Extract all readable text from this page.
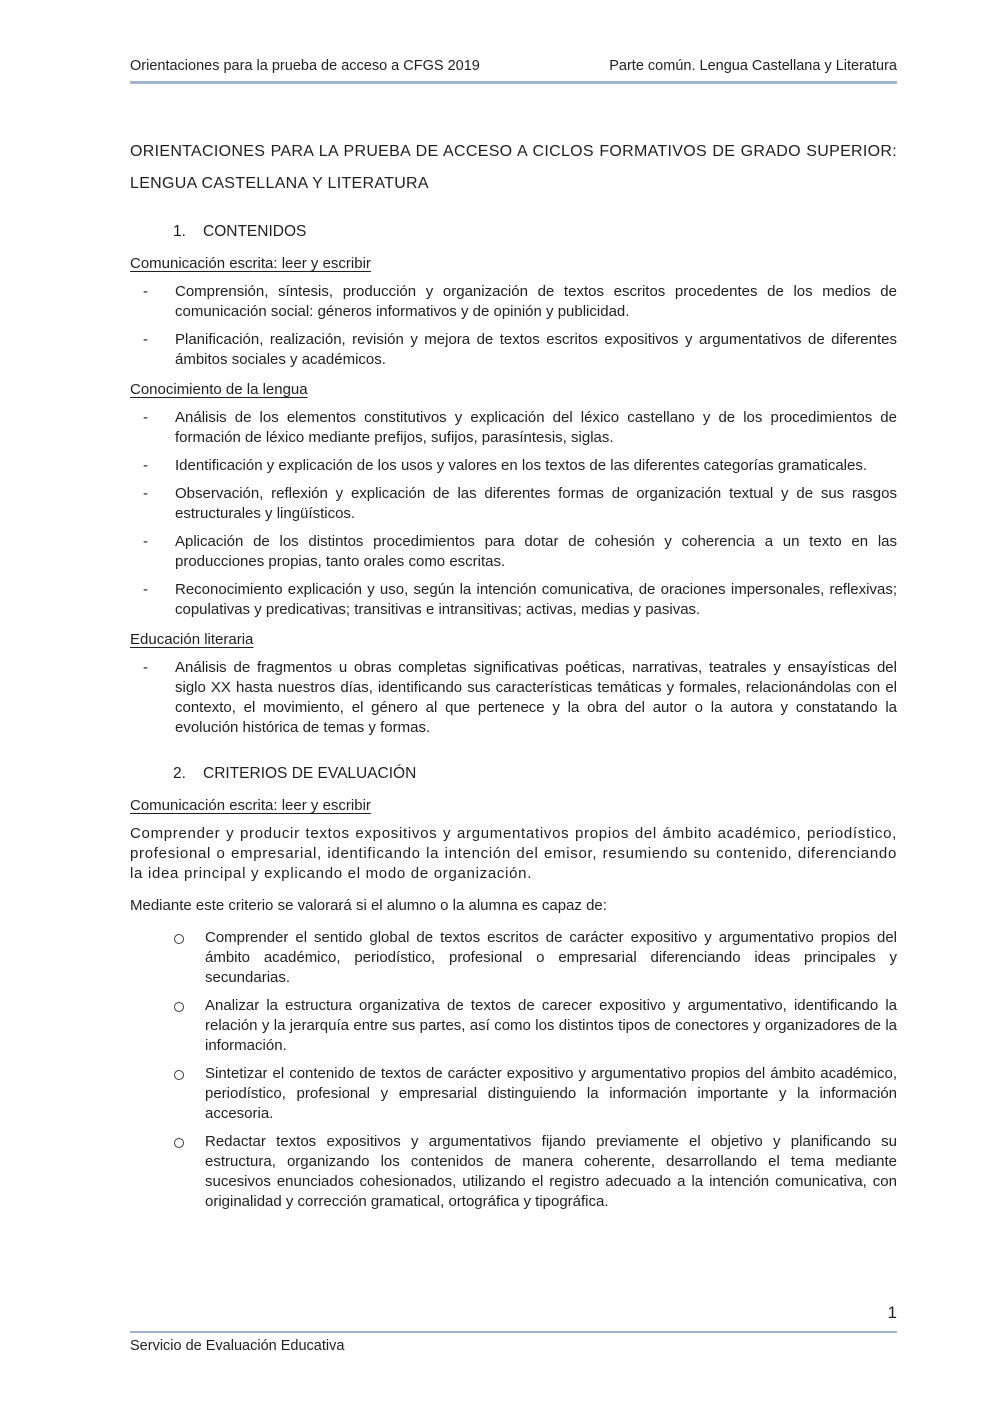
Orientaciones para la prueba de acceso a CFGS 2019	Parte común. Lengua Castellana y Literatura

ORIENTACIONES PARA LA PRUEBA DE ACCESO A CICLOS FORMATIVOS DE GRADO SUPERIOR: LENGUA CASTELLANA Y LITERATURA

1.	CONTENIDOS

Comunicación escrita: leer y escribir

- Comprensión, síntesis, producción y organización de textos escritos procedentes de los medios de comunicación social: géneros informativos y de opinión y publicidad.
- Planificación, realización, revisión y mejora de textos escritos expositivos y argumentativos de diferentes ámbitos sociales y académicos.

Conocimiento de la lengua

- Análisis de los elementos constitutivos y explicación del léxico castellano y de los procedimientos de formación de léxico mediante prefijos, sufijos, parasíntesis, siglas.
- Identificación y explicación de los usos y valores en los textos de las diferentes categorías gramaticales.
- Observación, reflexión y explicación de las diferentes formas de organización textual y de sus rasgos estructurales y lingüísticos.
- Aplicación de los distintos procedimientos para dotar de cohesión y coherencia a un texto en las producciones propias, tanto orales como escritas.
- Reconocimiento explicación y uso, según la intención comunicativa, de oraciones impersonales, reflexivas; copulativas y predicativas; transitivas e intransitivas; activas, medias y pasivas.

Educación literaria

- Análisis de fragmentos u obras completas significativas poéticas, narrativas, teatrales y ensayísticas del siglo XX hasta nuestros días, identificando sus características temáticas y formales, relacionándolas con el contexto, el movimiento, el género al que pertenece y la obra del autor o la autora y constatando la evolución histórica de temas y formas.
2.	CRITERIOS DE EVALUACIÓN

Comunicación escrita: leer y escribir

Comprender y producir textos expositivos y argumentativos propios del ámbito académico, periodístico, profesional o empresarial, identificando la intención del emisor, resumiendo su contenido, diferenciando la idea principal y explicando el modo de organización.

Mediante este criterio se valorará si el alumno o la alumna es capaz de:

Comprender el sentido global de textos escritos de carácter expositivo y argumentativo propios del ámbito académico, periodístico, profesional o empresarial diferenciando ideas principales y secundarias.
Analizar la estructura organizativa de textos de carecer expositivo y argumentativo, identificando la relación y la jerarquía entre sus partes, así como los distintos tipos de conectores y organizadores de la información.
Sintetizar el contenido de textos de carácter expositivo y argumentativo propios del ámbito académico, periodístico, profesional y empresarial distinguiendo la información importante y la información accesoria.
Redactar textos expositivos y argumentativos fijando previamente el objetivo y planificando su estructura, organizando los contenidos de manera coherente, desarrollando el tema mediante sucesivos enunciados cohesionados, utilizando el registro adecuado a la intención comunicativa, con originalidad y corrección gramatical, ortográfica y tipográfica.
1
Servicio de Evaluación Educativa
